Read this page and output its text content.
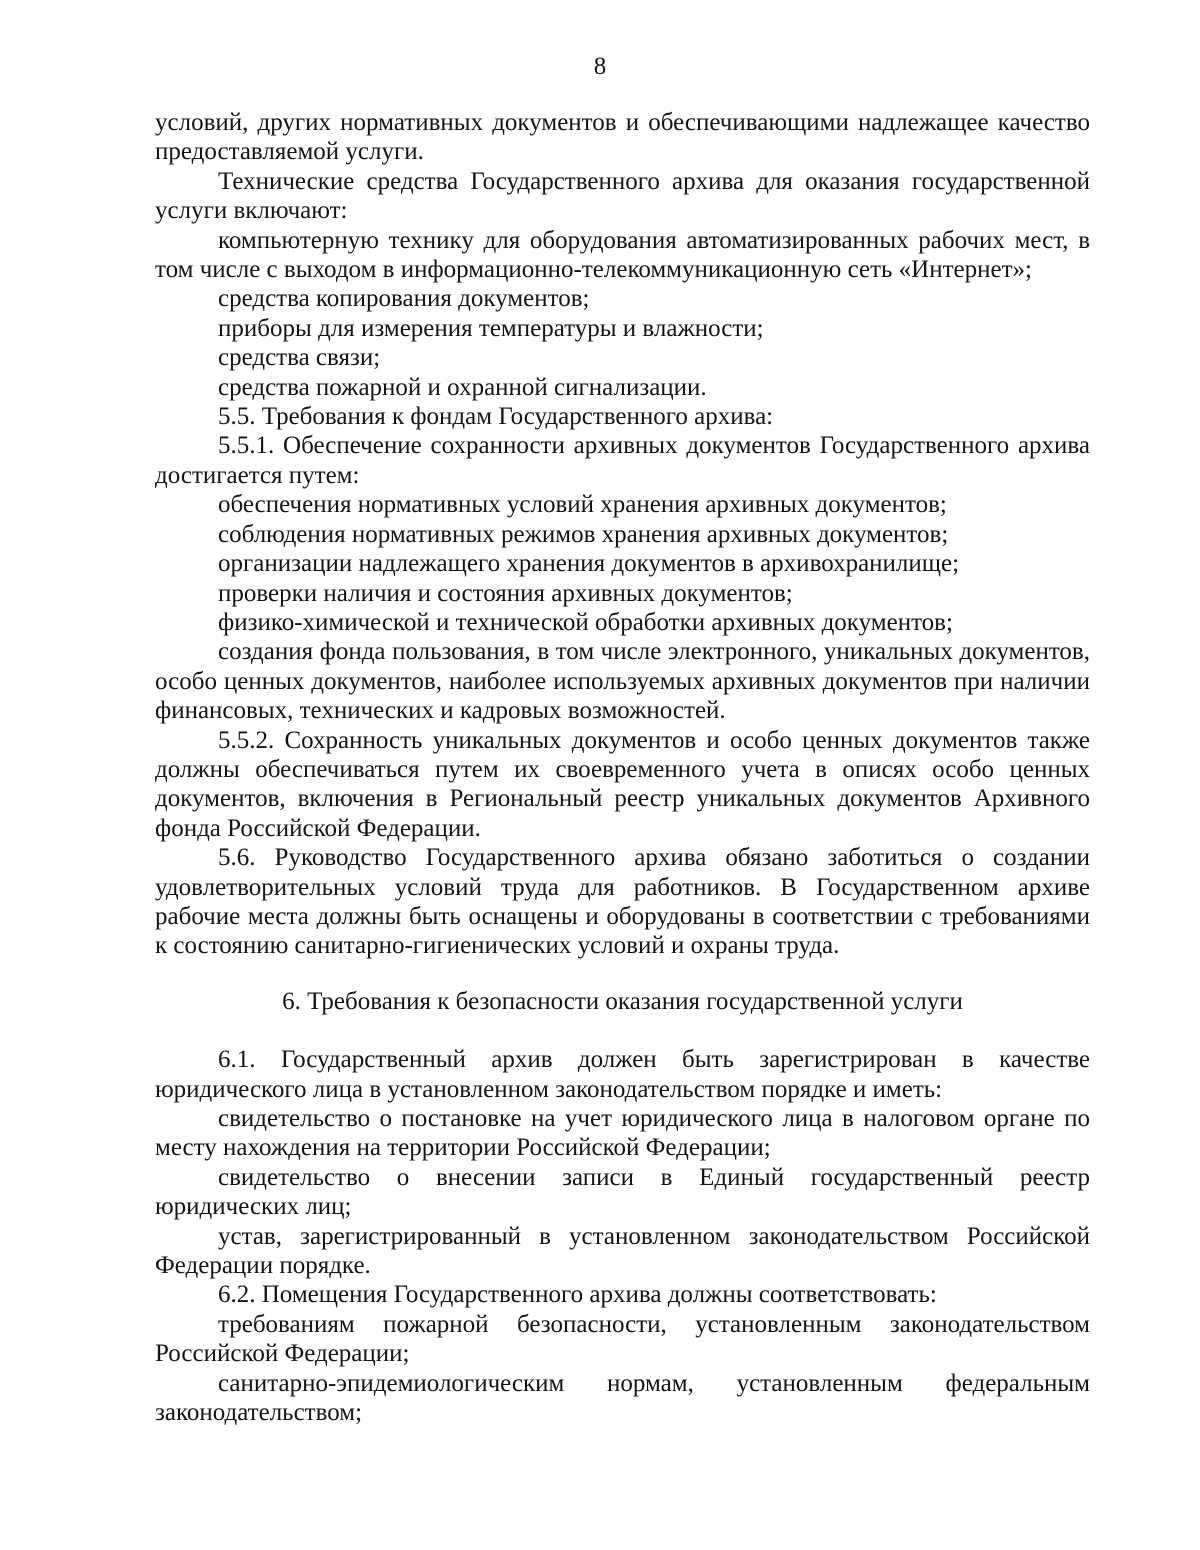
8

условий, других нормативных документов и обеспечивающими надлежащее качество предоставляемой услуги.

Технические средства Государственного архива для оказания государственной услуги включают:

компьютерную технику для оборудования автоматизированных рабочих мест, в том числе с выходом в информационно-телекоммуникационную сеть «Интернет»;

средства копирования документов;

приборы для измерения температуры и влажности;

средства связи;

средства пожарной и охранной сигнализации.

5.5. Требования к фондам Государственного архива:

5.5.1. Обеспечение сохранности архивных документов Государственного архива достигается путем:

обеспечения нормативных условий хранения архивных документов;

соблюдения нормативных режимов хранения архивных документов;

организации надлежащего хранения документов в архивохранилище;

проверки наличия и состояния архивных документов;

физико-химической и технической обработки архивных документов;

создания фонда пользования, в том числе электронного, уникальных документов, особо ценных документов, наиболее используемых архивных документов при наличии финансовых, технических и кадровых возможностей.

5.5.2. Сохранность уникальных документов и особо ценных документов также должны обеспечиваться путем их своевременного учета в описях особо ценных документов, включения в Региональный реестр уникальных документов Архивного фонда Российской Федерации.

5.6. Руководство Государственного архива обязано заботиться о создании удовлетворительных условий труда для работников. В Государственном архиве рабочие места должны быть оснащены и оборудованы в соответствии с требованиями к состоянию санитарно-гигиенических условий и охраны труда.

6. Требования к безопасности оказания государственной услуги

6.1. Государственный архив должен быть зарегистрирован в качестве юридического лица в установленном законодательством порядке и иметь:

свидетельство о постановке на учет юридического лица в налоговом органе по месту нахождения на территории Российской Федерации;

свидетельство о внесении записи в Единый государственный реестр юридических лиц;

устав, зарегистрированный в установленном законодательством Российской Федерации порядке.

6.2. Помещения Государственного архива должны соответствовать:

требованиям пожарной безопасности, установленным законодательством Российской Федерации;

санитарно-эпидемиологическим нормам, установленным федеральным законодательством;
